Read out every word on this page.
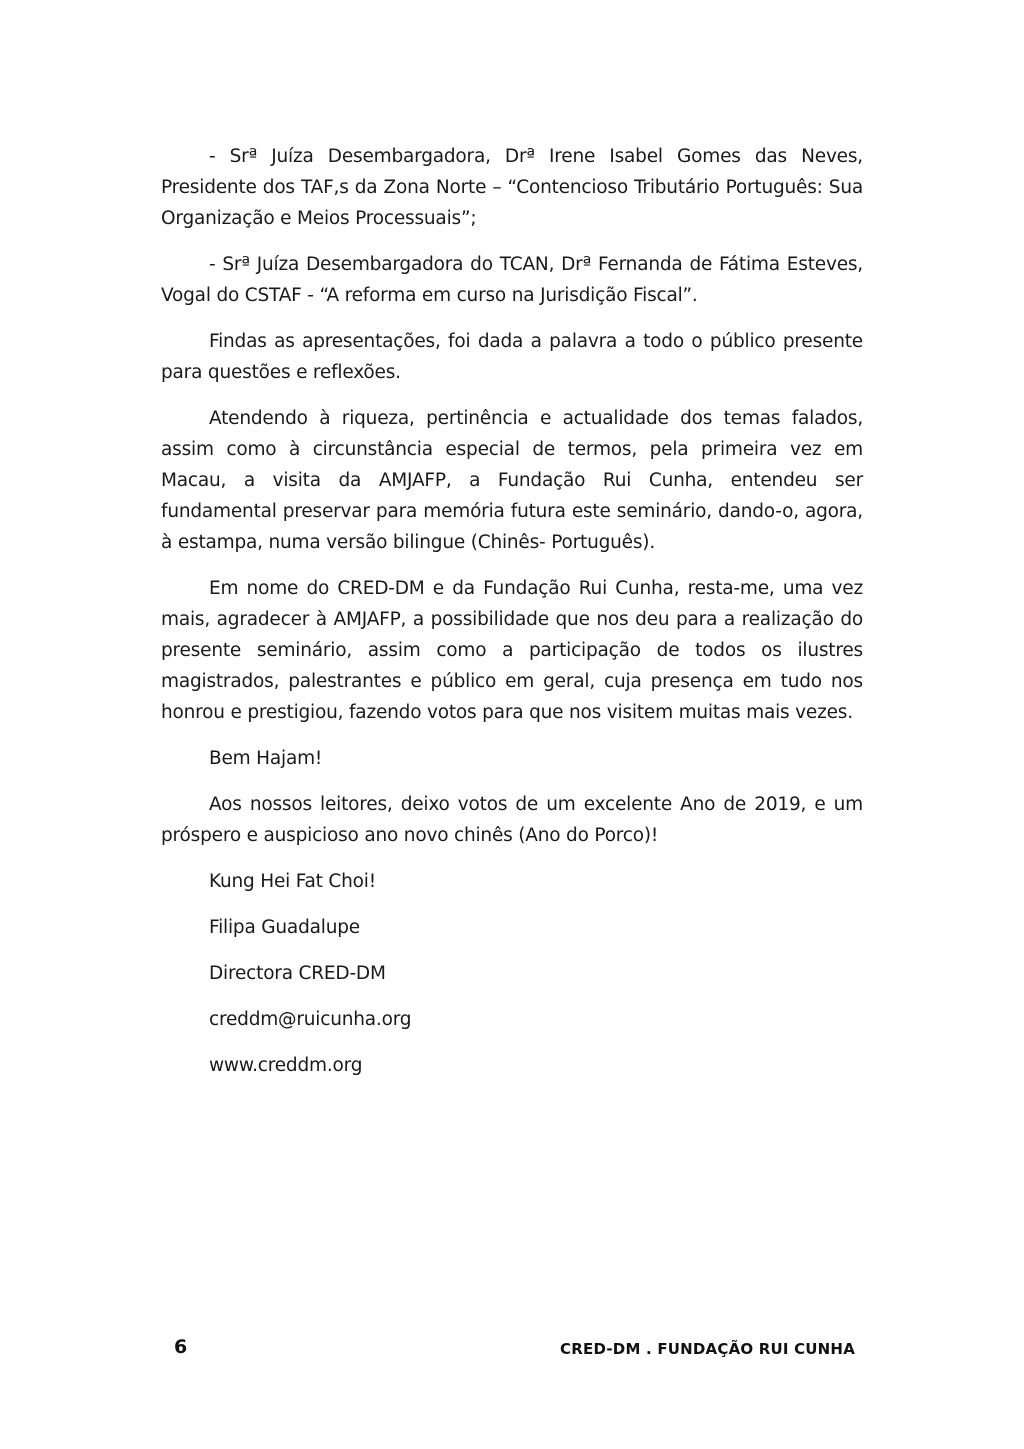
- Srª Juíza Desembargadora, Drª Irene Isabel Gomes das Neves, Presidente dos TAF,s da Zona Norte – “Contencioso Tributário Português: Sua Organização e Meios Processuais”;

- Srª Juíza Desembargadora do TCAN, Drª Fernanda de Fátima Esteves, Vogal do CSTAF - “A reforma em curso na Jurisdição Fiscal”.

Findas as apresentações, foi dada a palavra a todo o público presente para questões e reflexões.

Atendendo à riqueza, pertinência e actualidade dos temas falados, assim como à circunstância especial de termos, pela primeira vez em Macau, a visita da AMJAFP, a Fundação Rui Cunha, entendeu ser fundamental preservar para memória futura este seminário, dando-o, agora, à estampa, numa versão bilingue (Chinês- Português).

Em nome do CRED-DM e da Fundação Rui Cunha, resta-me, uma vez mais, agradecer à AMJAFP, a possibilidade que nos deu para a realização do presente seminário, assim como a participação de todos os ilustres magistrados, palestrantes e público em geral, cuja presença em tudo nos honrou e prestigiou, fazendo votos para que nos visitem muitas mais vezes.

Bem Hajam!

Aos nossos leitores, deixo votos de um excelente Ano de 2019, e um próspero e auspicioso ano novo chinês (Ano do Porco)!

Kung Hei Fat Choi!

Filipa Guadalupe

Directora CRED-DM

creddm@ruicunha.org

www.creddm.org

6	CRED-DM . FUNDAÇÃO RUI CUNHA
